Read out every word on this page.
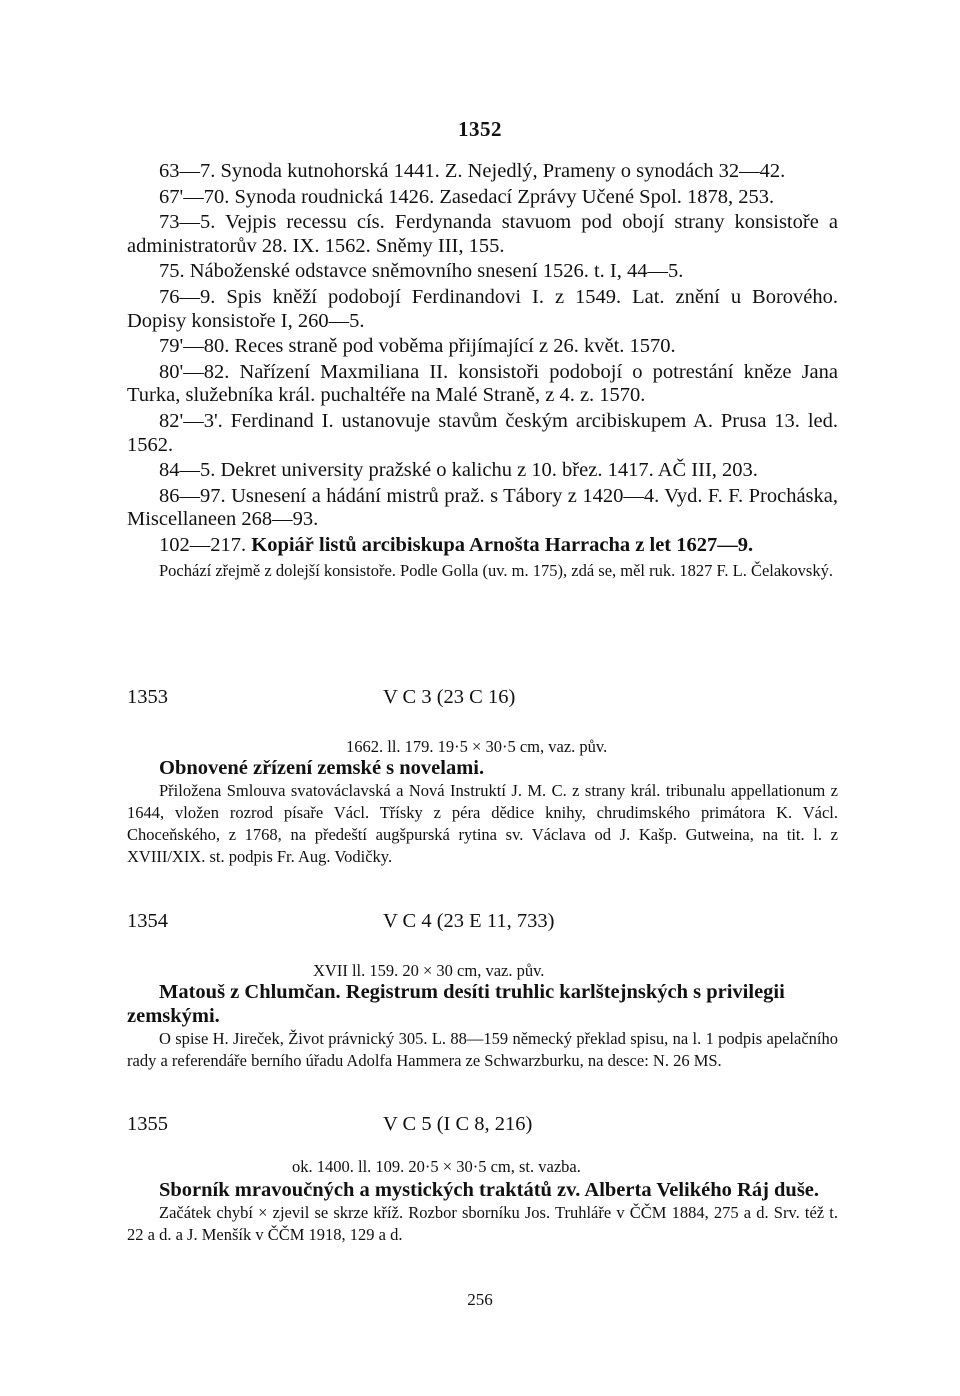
1352

63—7. Synoda kutnohorská 1441. Z. Nejedlý, Prameny o synodách 32—42.

67'—70. Synoda roudnická 1426. Zasedací Zprávy Učené Spol. 1878, 253.

73—5. Vejpis recessu cís. Ferdynanda stavuom pod obojí strany konsistoře a administratorův 28. IX. 1562. Sněmy III, 155.

75. Náboženské odstavce sněmovního snesení 1526. t. I, 44—5.

76—9. Spis kněží podobojí Ferdinandovi I. z 1549. Lat. znění u Borového. Dopisy konsistoře I, 260—5.

79'—80. Reces straně pod voběma přijímající z 26. květ. 1570.

80'—82. Nařízení Maxmiliana II. konsistoři podobojí o potrestání kněze Jana Turka, služebníka král. puchaltéře na Malé Straně, z 4. z. 1570.

82'—3'. Ferdinand I. ustanovuje stavům českým arcibiskupem A. Prusa 13. led. 1562.

84—5. Dekret university pražské o kalichu z 10. břez. 1417. AČ III, 203.

86—97. Usnesení a hádání mistrů praž. s Tábory z 1420—4. Vyd. F. F. Procháska, Miscellaneen 268—93.

102—217. Kopiář listů arcibiskupa Arnošta Harracha z let 1627—9.

Pochází zřejmě z dolejší konsistoře. Podle Golla (uv. m. 175), zdá se, měl ruk. 1827 F. L. Čelakovský.

1353	V C 3 (23 C 16)
1662. ll. 179. 19·5 × 30·5 cm, vaz. pův.

Obnovené zřízení zemské s novelami.

Přiložena Smlouva svatováclavská a Nová Instruktí J. M. C. z strany král. tribunalu appellationum z 1644, vložen rozrod písaře Václ. Třísky z péra dědice knihy, chrudimského primátora K. Václ. Choceňského, z 1768, na předeští augšpurská rytina sv. Václava od J. Kašp. Gutweina, na tit. l. z XVIII/XIX. st. podpis Fr. Aug. Vodičky.

1354	V C 4 (23 E 11, 733)
XVII ll. 159. 20 × 30 cm, vaz. pův.

Matouš z Chlumčan. Registrum desíti truhlic karlštejnských s privilegii zemskými.

O spise H. Jireček, Život právnický 305. L. 88—159 německý překlad spisu, na l. 1 podpis apelačního rady a referendáře berního úřadu Adolfa Hammera ze Schwarzburku, na desce: N. 26 MS.

1355	V C 5 (I C 8, 216)
ok. 1400. ll. 109. 20·5 × 30·5 cm, st. vazba.

Sborník mravoučných a mystických traktátů zv. Alberta Velikého Ráj duše.

Začátek chybí × zjevil se skrze kříž. Rozbor sborníku Jos. Truhláře v ČČM 1884, 275 a d. Srv. též t. 22 a d. a J. Menšík v ČČM 1918, 129 a d.

256
